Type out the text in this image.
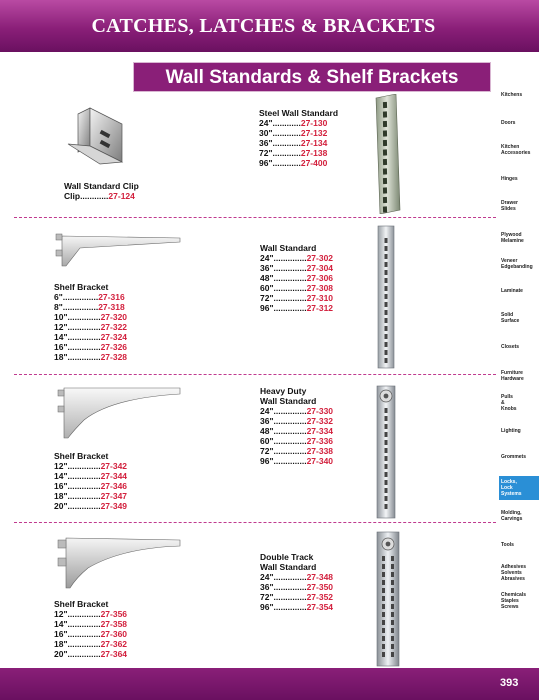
CATCHES, LATCHES & BRACKETS
Wall Standards & Shelf Brackets
Kitchens
Doors
Kitchen
Accessories
Hinges
Drawer
Slides
Plywood
Melamine
Veneer
Edgebanding
Laminate
Solid
Surface
Closets
Furniture
Hardware
Pulls
&
Knobs
Lighting
Grommets
Locks,
Lock
Systems
Molding,
Carvings
Tools
Adhesives
Solvents
Abrasives
Chemicals
Staples
Screws
Wall Standard Clip
Clip............27-124
Steel Wall Standard
24"............27-130
30"............27-132
36"............27-134
72"............27-138
96"............27-400
Shelf Bracket
6"...............27-316
8"...............27-318
10"..............27-320
12"..............27-322
14"..............27-324
16"..............27-326
18"..............27-328
Wall Standard
24"..............27-302
36"..............27-304
48"..............27-306
60"..............27-308
72"..............27-310
96"..............27-312
Shelf Bracket
12"..............27-342
14"..............27-344
16"..............27-346
18"..............27-347
20"..............27-349
Heavy Duty
Wall Standard
24"..............27-330
36"..............27-332
48"..............27-334
60"..............27-336
72"..............27-338
96"..............27-340
Shelf Bracket
12"..............27-356
14"..............27-358
16"..............27-360
18"..............27-362
20"..............27-364
Double Track
Wall Standard
24"..............27-348
36"..............27-350
72"..............27-352
96"..............27-354
393
